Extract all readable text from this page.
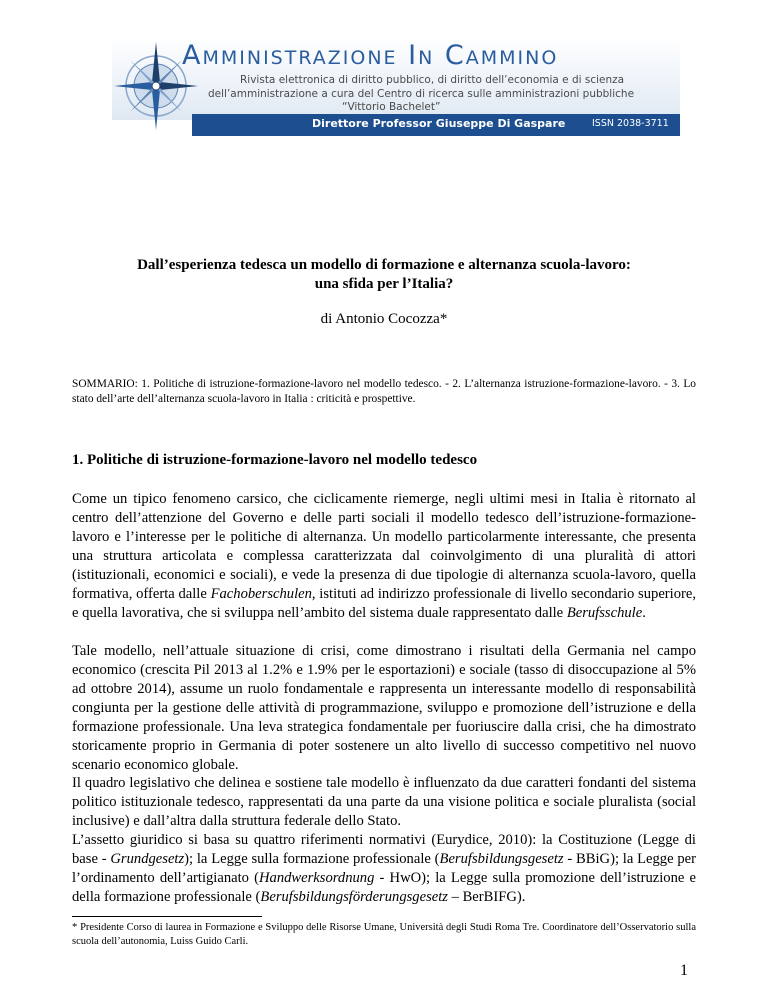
Amministrazione In Cammino
Rivista elettronica di diritto pubblico, di diritto dell’economia e di scienza
dell’amministrazione a cura del Centro di ricerca sulle amministrazioni pubbliche
“Vittorio Bachelet”
Direttore Professor Giuseppe Di Gaspare	ISSN 2038-3711
Dall’esperienza tedesca un modello di formazione e alternanza scuola-lavoro:
una sfida per l’Italia?
di Antonio Cocozza*
SOMMARIO: 1. Politiche di istruzione-formazione-lavoro nel modello tedesco. - 2. L’alternanza istruzione-formazione-lavoro. - 3. Lo stato dell’arte dell’alternanza scuola-lavoro in Italia : criticità e prospettive.
1. Politiche di istruzione-formazione-lavoro nel modello tedesco

Come un tipico fenomeno carsico, che ciclicamente riemerge, negli ultimi mesi in Italia è ritornato al centro dell’attenzione del Governo e delle parti sociali il modello tedesco dell’istruzione-formazione-lavoro e l’interesse per le politiche di alternanza. Un modello particolarmente interessante, che presenta una struttura articolata e complessa caratterizzata dal coinvolgimento di una pluralità di attori (istituzionali, economici e sociali), e vede la presenza di due tipologie di alternanza scuola-lavoro, quella formativa, offerta dalle Fachoberschulen, istituti ad indirizzo professionale di livello secondario superiore, e quella lavorativa, che si sviluppa nell’ambito del sistema duale rappresentato dalle Berufsschule.

Tale modello, nell’attuale situazione di crisi, come dimostrano i risultati della Germania nel campo economico (crescita Pil 2013 al 1.2% e 1.9% per le esportazioni) e sociale (tasso di disoccupazione al 5% ad ottobre 2014), assume un ruolo fondamentale e rappresenta un interessante modello di responsabilità congiunta per la gestione delle attività di programmazione, sviluppo e promozione dell’istruzione e della formazione professionale. Una leva strategica fondamentale per fuoriuscire dalla crisi, che ha dimostrato storicamente proprio in Germania di poter sostenere un alto livello di successo competitivo nel nuovo scenario economico globale.

Il quadro legislativo che delinea e sostiene tale modello è influenzato da due caratteri fondanti del sistema politico istituzionale tedesco, rappresentati da una parte da una visione politica e sociale pluralista (social inclusive) e dall’altra dalla struttura federale dello Stato.

L’assetto giuridico si basa su quattro riferimenti normativi (Eurydice, 2010): la Costituzione (Legge di base - Grundgesetz); la Legge sulla formazione professionale (Berufsbildungsgesetz - BBiG); la Legge per l’ordinamento dell’artigianato (Handwerksordnung - HwO); la Legge sulla promozione dell’istruzione e della formazione professionale (Berufsbildungsförderungsgesetz – BerBIFG).

* Presidente Corso di laurea in Formazione e Sviluppo delle Risorse Umane, Università degli Studi Roma Tre. Coordinatore dell’Osservatorio sulla scuola dell’autonomia, Luiss Guido Carli.
1
